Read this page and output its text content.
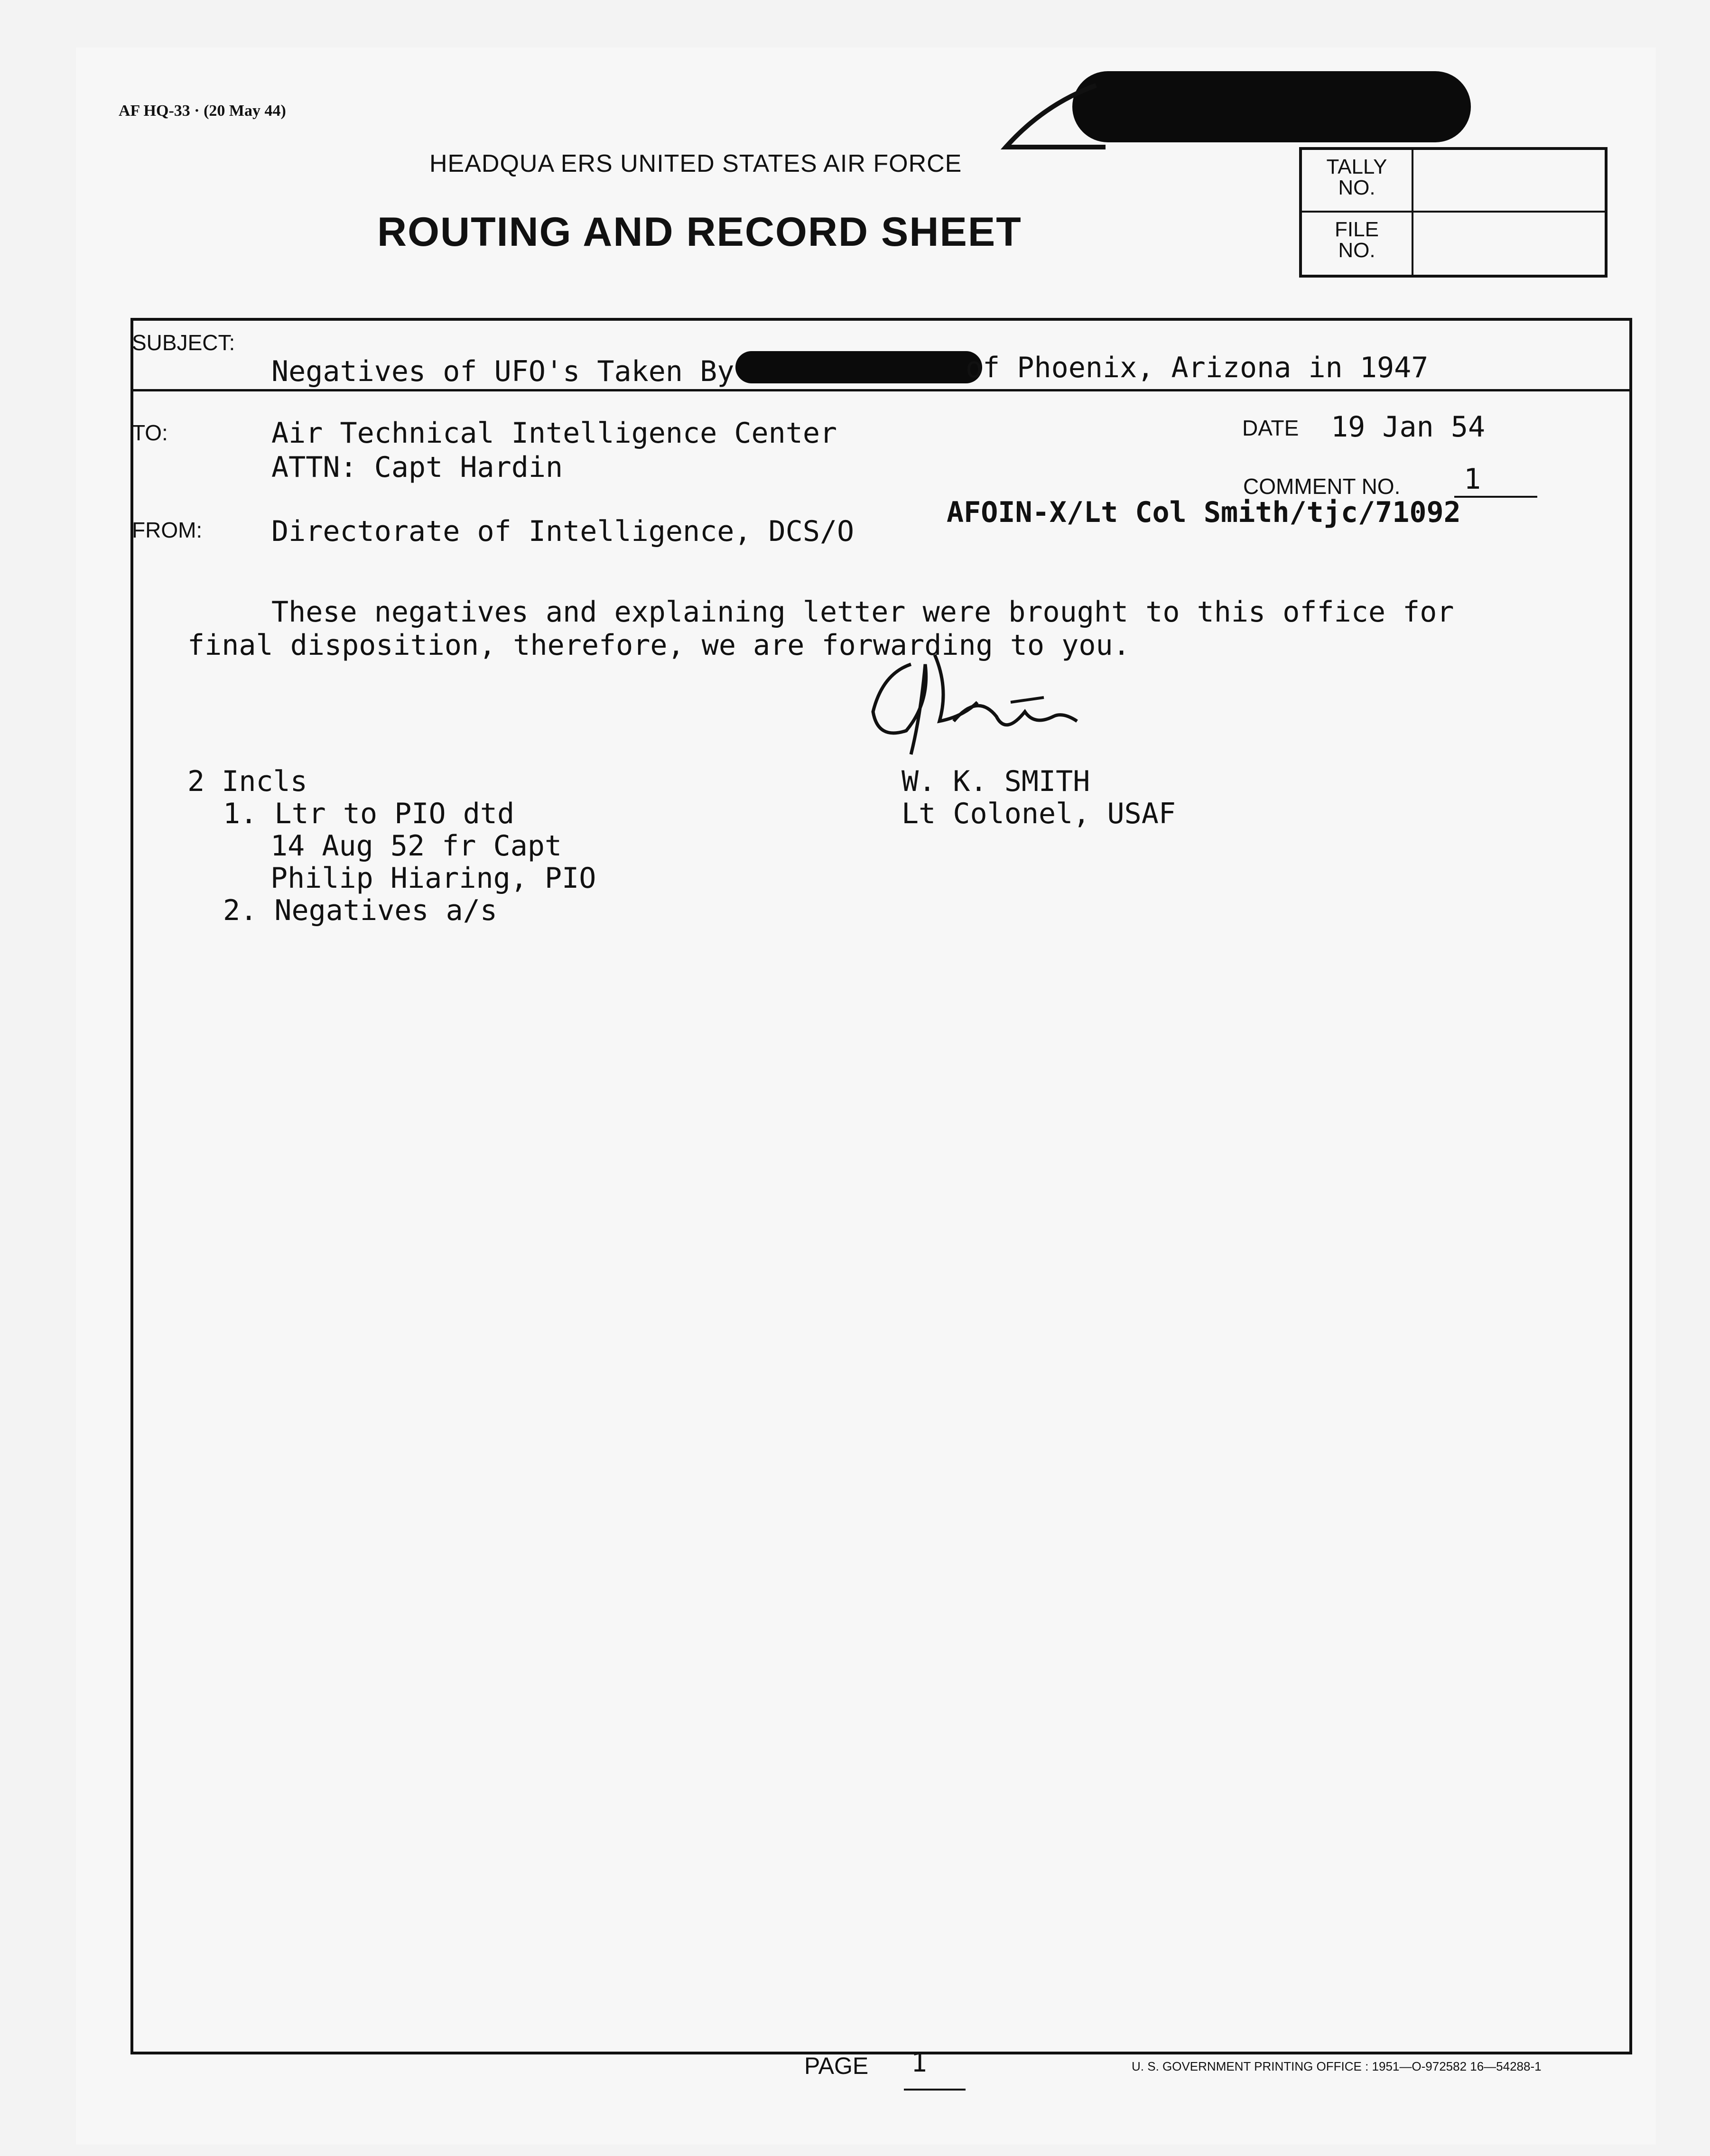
AF HQ-33 · (20 May 44)
HEADQUA ERS UNITED STATES AIR FORCE
ROUTING AND RECORD SHEET
TALLY
NO.
FILE
NO.
SUBJECT:
Negatives of UFO's Taken By	of Phoenix, Arizona in 1947
TO:	Air Technical Intelligence Center
ATTN: Capt Hardin
DATE 19 Jan 54
COMMENT NO. 1
FROM: Directorate of Intelligence, DCS/O
AFOIN-X/Lt Col Smith/tjc/71092
These negatives and explaining letter were brought to this office for
final disposition, therefore, we are forwarding to you.
W. K. SMITH
Lt Colonel, USAF
2 Incls
1. Ltr to PIO dtd
14 Aug 52 fr Capt
Philip Hiaring, PIO
2. Negatives a/s
PAGE 1	U. S. GOVERNMENT PRINTING OFFICE : 1951—O-972582 16—54288-1
